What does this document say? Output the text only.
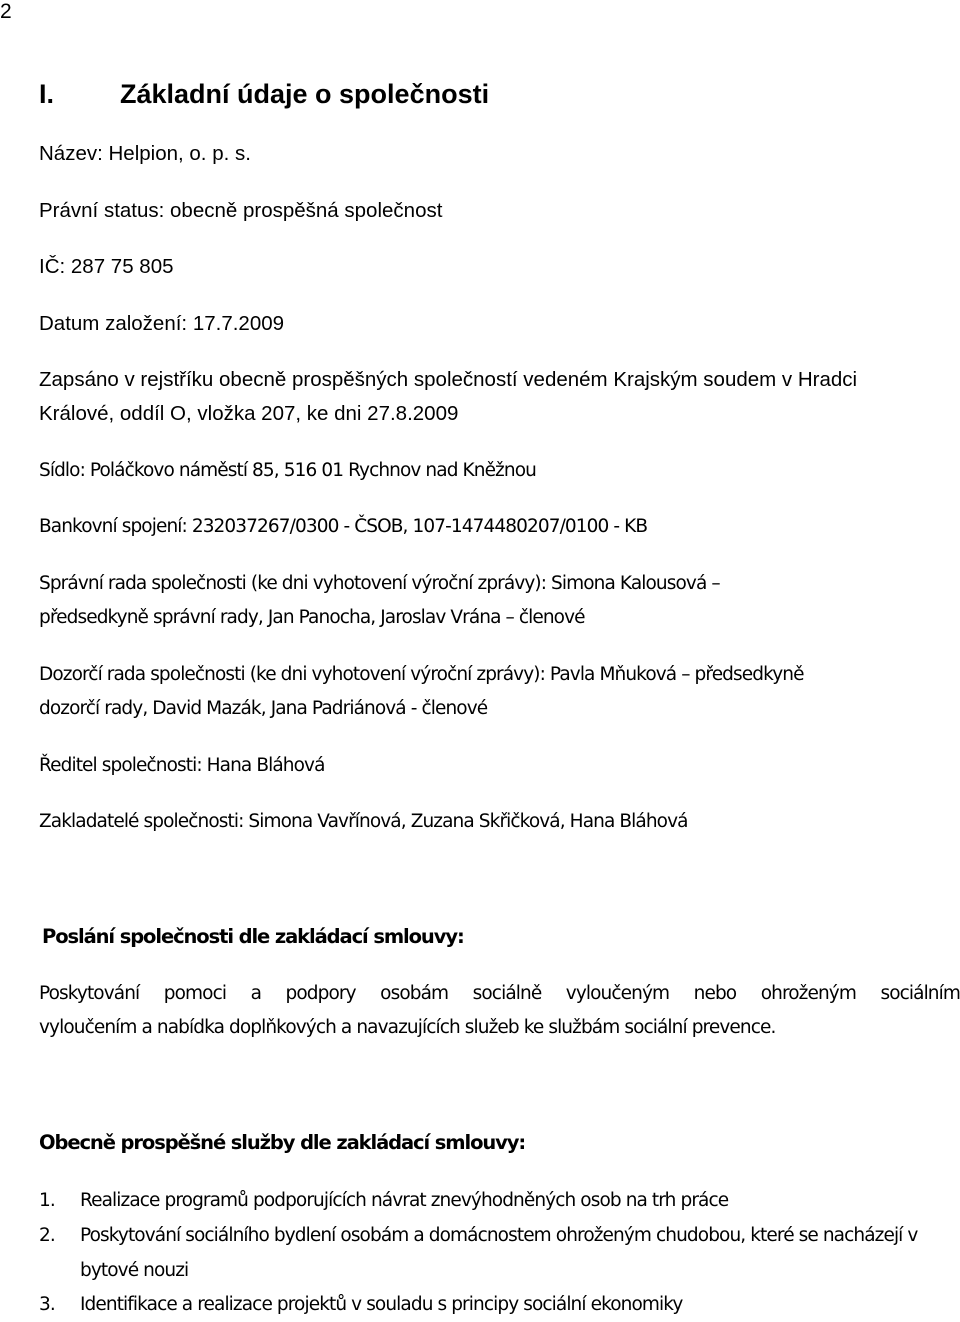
2
I. Základní údaje o společnosti
Název: Helpion, o. p. s.
Právní status: obecně prospěšná společnost
IČ: 287 75 805
Datum založení: 17.7.2009
Zapsáno v rejstříku obecně prospěšných společností vedeném Krajským soudem v Hradci
Králové, oddíl O, vložka 207, ke dni 27.8.2009
Sídlo: Poláčkovo náměstí 85, 516 01 Rychnov nad Kněžnou
Bankovní spojení: 232037267/0300 - ČSOB, 107-1474480207/0100 - KB
Správní rada společnosti (ke dni vyhotovení výroční zprávy): Simona Kalousová –
předsedkyně správní rady, Jan Panocha, Jaroslav Vrána – členové
Dozorčí rada společnosti (ke dni vyhotovení výroční zprávy): Pavla Mňuková – předsedkyně
dozorčí rady, David Mazák, Jana Padriánová - členové
Ředitel společnosti: Hana Bláhová
Zakladatelé společnosti: Simona Vavřínová, Zuzana Skřičková, Hana Bláhová
Poslání společnosti dle zakládací smlouvy:
Poskytování pomoci a podpory osobám sociálně vyloučeným nebo ohroženým sociálním
vyloučením a nabídka doplňkových a navazujících služeb ke službám sociální prevence.
Obecně prospěšné služby dle zakládací smlouvy:
1. Realizace programů podporujících návrat znevýhodněných osob na trh práce
2. Poskytování sociálního bydlení osobám a domácnostem ohroženým chudobou, které se nacházejí v bytové nouzi
3. Identifikace a realizace projektů v souladu s principy sociální ekonomiky
